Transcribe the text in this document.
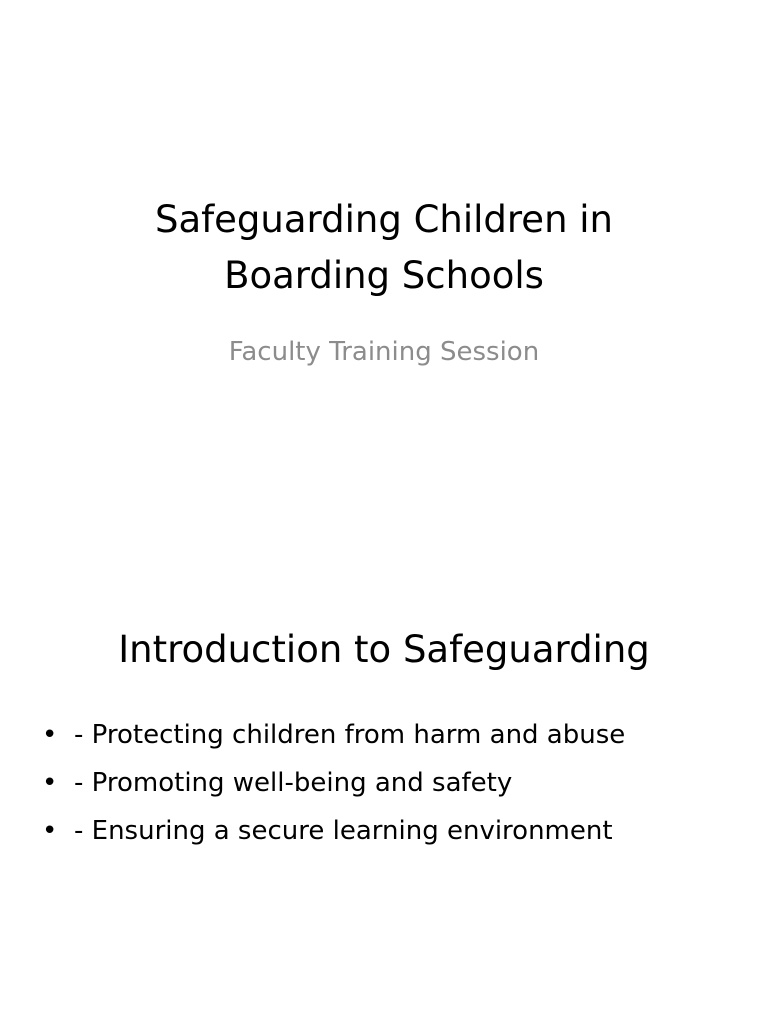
Safeguarding Children in Boarding Schools

Faculty Training Session

Introduction to Safeguarding
• - Protecting children from harm and abuse
• - Promoting well-being and safety
• - Ensuring a secure learning environment
